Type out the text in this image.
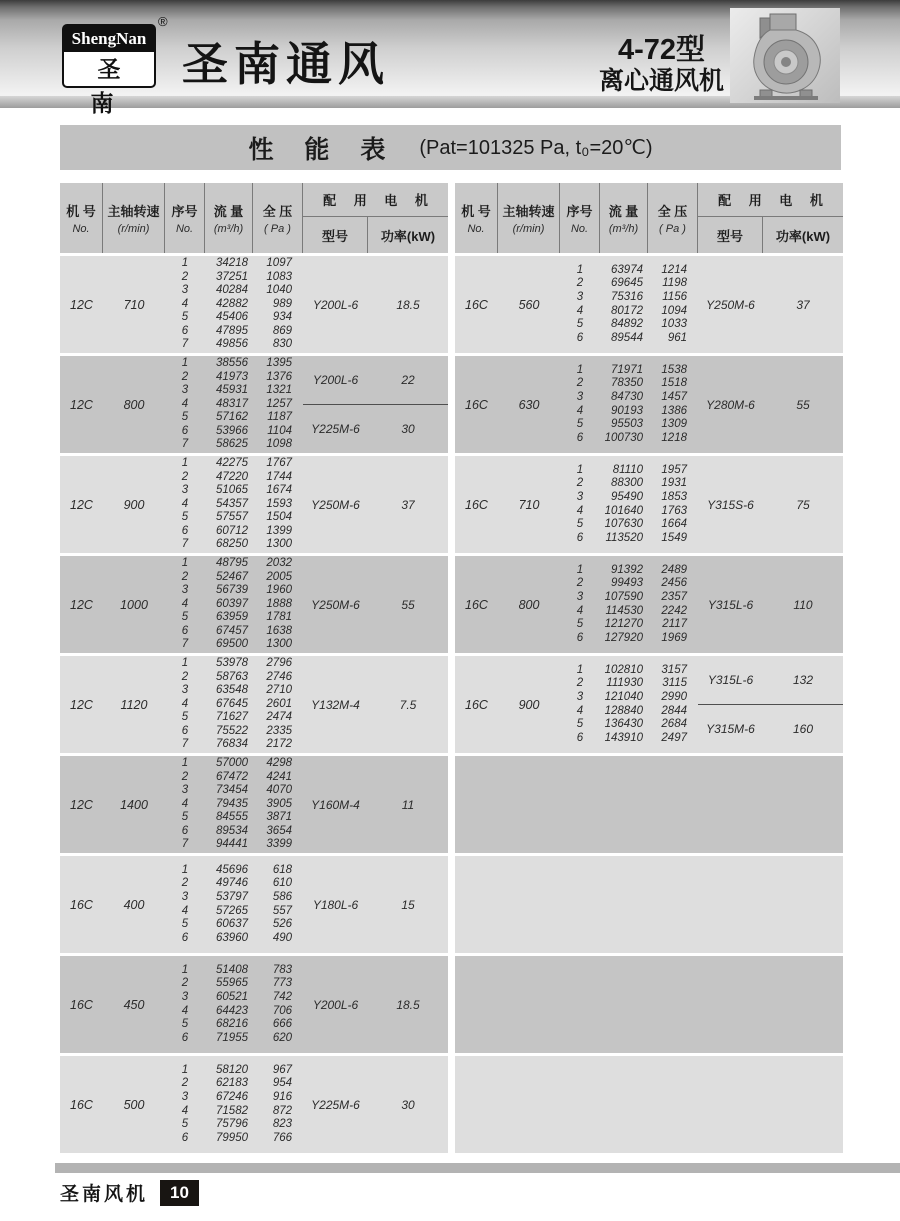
ShengNan
圣 南
®
圣南通风	4-72型
离心通风机
性 能 表 (Pat=101325 Pa, t₀=20℃)
机 号
No.
主轴转速
(r/min)
序号
No.
流 量
(m³/h)
全 压
( Pa )
配 用 电 机
型号	功率(kW)
12C	710
1	34218	1097
2	37251	1083
3	40284	1040
4	42882	989
5	45406	934
6	47895	869
7	49856	830
Y200L-6	18.5
12C	800
1	38556	1395
2	41973	1376
3	45931	1321
4	48317	1257
5	57162	1187
6	53966	1104
7	58625	1098
Y200L-6	22
Y225M-6	30
12C	900
1	42275	1767
2	47220	1744
3	51065	1674
4	54357	1593
5	57557	1504
6	60712	1399
7	68250	1300
Y250M-6	37
12C	1000
1	48795	2032
2	52467	2005
3	56739	1960
4	60397	1888
5	63959	1781
6	67457	1638
7	69500	1300
Y250M-6	55
12C	1120
1	53978	2796
2	58763	2746
3	63548	2710
4	67645	2601
5	71627	2474
6	75522	2335
7	76834	2172
Y132M-4	7.5
12C	1400
1	57000	4298
2	67472	4241
3	73454	4070
4	79435	3905
5	84555	3871
6	89534	3654
7	94441	3399
Y160M-4	11
16C	400
1	45696	618
2	49746	610
3	53797	586
4	57265	557
5	60637	526
6	63960	490
Y180L-6	15
16C	450
1	51408	783
2	55965	773
3	60521	742
4	64423	706
5	68216	666
6	71955	620
Y200L-6	18.5
16C	500
1	58120	967
2	62183	954
3	67246	916
4	71582	872
5	75796	823
6	79950	766
Y225M-6	30
机 号
No.
主轴转速
(r/min)
序号
No.
流 量
(m³/h)
全 压
( Pa )
配 用 电 机
型号	功率(kW)
16C	560
1	63974	1214
2	69645	1198
3	75316	1156
4	80172	1094
5	84892	1033
6	89544	961
Y250M-6	37
16C	630
1	71971	1538
2	78350	1518
3	84730	1457
4	90193	1386
5	95503	1309
6	100730	1218
Y280M-6	55
16C	710
1	81110	1957
2	88300	1931
3	95490	1853
4	101640	1763
5	107630	1664
6	113520	1549
Y315S-6	75
16C	800
1	91392	2489
2	99493	2456
3	107590	2357
4	114530	2242
5	121270	2117
6	127920	1969
Y315L-6	110
16C	900
1	102810	3157
2	111930	3115
3	121040	2990
4	128840	2844
5	136430	2684
6	143910	2497
Y315L-6	132
Y315M-6	160
圣南风机	10
